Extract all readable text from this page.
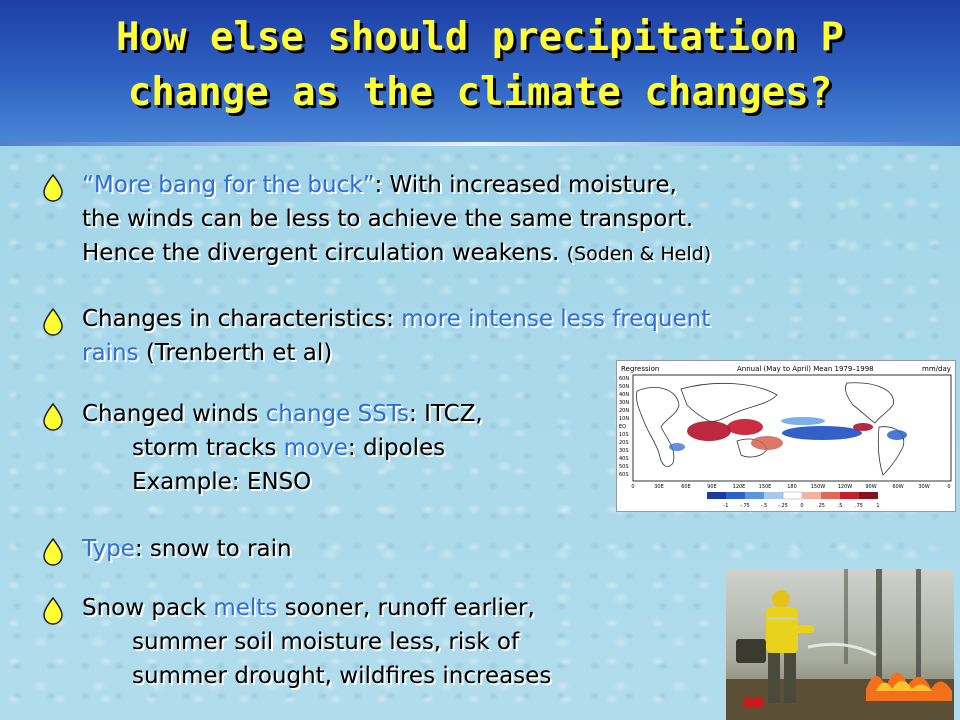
How else should precipitation P
change as the climate changes?
“More bang for the buck”: With increased moisture,
the winds can be less to achieve the same transport.
Hence the divergent circulation weakens. (Soden & Held)
Changes in characteristics: more intense less frequent
rains (Trenberth et al)
Changed winds change SSTs: ITCZ,
storm tracks move: dipoles
Example: ENSO
Type: snow to rain
Snow pack melts sooner, runoff earlier,
summer soil moisture less, risk of
summer drought, wildfires increases
Regression	Annual (May to April) Mean 1979–1998	mm/day
60N
50N
40N
30N
20N
10N
EQ
10S
20S
30S
40S
50S
60S
0	30E	60E	90E	120E	150E	180	150W	120W	90W	60W	30W	0
-1 -.75 -.5 -.25	0	.25	.5	.75	1
